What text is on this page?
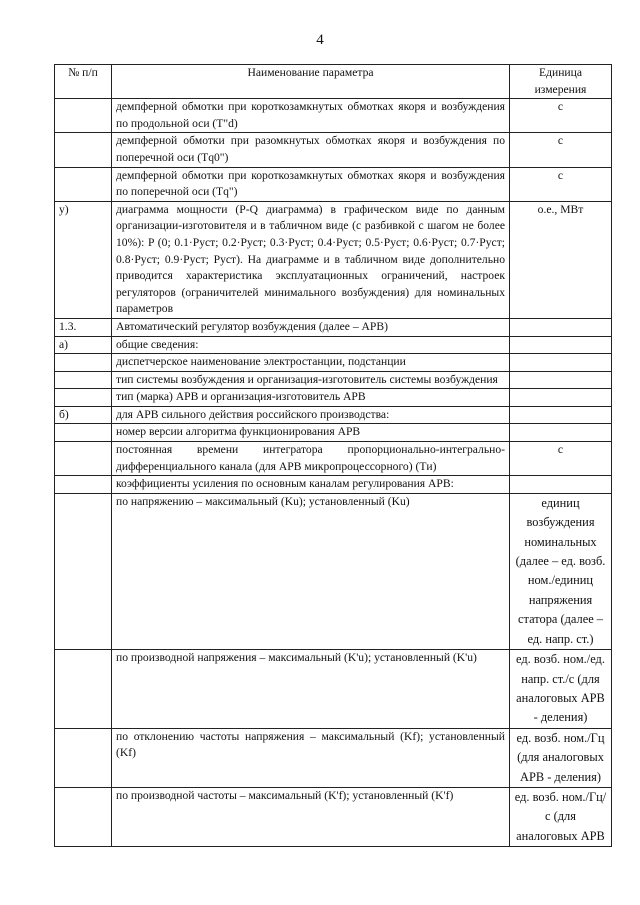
4
№ п/п	Наименование параметра	Единица измерения
	демпферной обмотки при короткозамкнутых обмотках якоря и возбуждения по продольной оси (T"d)	с
	демпферной обмотки при разомкнутых обмотках якоря и возбуждения по поперечной оси (Tq0")	с
	демпферной обмотки при короткозамкнутых обмотках якоря и возбуждения по поперечной оси (Tq")	с
у)	диаграмма мощности (P-Q диаграмма) в графическом виде по данным организации-изготовителя и в табличном виде (с разбивкой с шагом не более 10%): P (0; 0.1·Руст; 0.2·Руст; 0.3·Руст; 0.4·Руст; 0.5·Руст; 0.6·Руст; 0.7·Руст; 0.8·Руст; 0.9·Руст; Руст). На диаграмме и в табличном виде дополнительно приводится характеристика эксплуатационных ограничений, настроек регуляторов (ограничителей минимального возбуждения) для номинальных параметров	о.е., МВт
1.3.	Автоматический регулятор возбуждения (далее – АРВ)	
а)	общие сведения:	
	диспетчерское наименование электростанции, подстанции	
	тип системы возбуждения и организация-изготовитель системы возбуждения	
	тип (марка) АРВ и организация-изготовитель АРВ	
б)	для АРВ сильного действия российского производства:	
	номер версии алгоритма функционирования АРВ	
	постоянная времени интегратора пропорционально-интегрально-дифференциального канала (для АРВ микропроцессорного) (Tи)	с
	коэффициенты усиления по основным каналам регулирования АРВ:	
	по напряжению – максимальный (Ku); установленный (Ku)	единиц возбуждения номинальных (далее – ед. возб. ном./единиц напряжения статора (далее – ед. напр. ст.)
	по производной напряжения – максимальный (K'u); установленный (K'u)	ед. возб. ном./ед. напр. ст./с (для аналоговых АРВ - деления)
	по отклонению частоты напряжения – максимальный (Kf); установленный (Kf)	ед. возб. ном./Гц (для аналоговых АРВ - деления)
	по производной частоты – максимальный (K'f); установленный (K'f)	ед. возб. ном./Гц/с (для аналоговых АРВ
